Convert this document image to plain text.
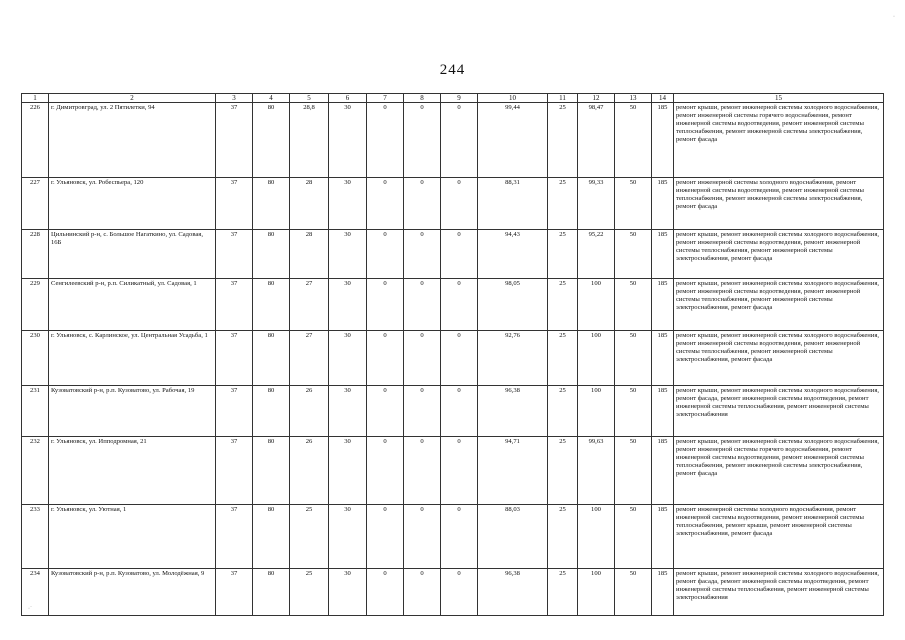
244
1	2	3	4	5	6	7	8	9	10	11	12	13	14	15
226	г. Димитровград, ул. 2 Пятилетки, 94	37	80	28,8	30	0	0	0	99,44	25	98,47	50	185	ремонт крыши, ремонт инженерной системы холодного водоснабжения, ремонт инженерной системы горячего водоснабжения, ремонт инженерной системы водоотведения, ремонт инженерной системы теплоснабжения, ремонт инженерной системы электроснабжения, ремонт фасада
227	г. Ульяновск, ул. Робеспьера, 120	37	80	28	30	0	0	0	88,31	25	99,33	50	185	ремонт инженерной системы холодного водоснабжения, ремонт инженерной системы водоотведения, ремонт инженерной системы теплоснабжения, ремонт инженерной системы электроснабжения, ремонт фасада
228	Цильнинский р-н, с. Большое Нагаткино, ул. Садовая, 16Б	37	80	28	30	0	0	0	94,43	25	95,22	50	185	ремонт крыши, ремонт инженерной системы холодного водоснабжения, ремонт инженерной системы водоотведения, ремонт инженерной системы теплоснабжения, ремонт инженерной системы электроснабжения, ремонт фасада
229	Сенгилеевский р-н, р.п. Силикатный, ул. Садовая, 1	37	80	27	30	0	0	0	98,05	25	100	50	185	ремонт крыши, ремонт инженерной системы холодного водоснабжения, ремонт инженерной системы водоотведения, ремонт инженерной системы теплоснабжения, ремонт инженерной системы электроснабжения, ремонт фасада
230	г. Ульяновск, с. Карлинское, ул. Центральная Усадьба, 1	37	80	27	30	0	0	0	92,76	25	100	50	185	ремонт крыши, ремонт инженерной системы холодного водоснабжения, ремонт инженерной системы водоотведения, ремонт инженерной системы теплоснабжения, ремонт инженерной системы электроснабжения, ремонт фасада
231	Кузоватовский р-н, р.п. Кузоватово, ул. Рабочая, 19	37	80	26	30	0	0	0	96,38	25	100	50	185	ремонт крыши, ремонт инженерной системы холодного водоснабжения, ремонт фасада, ремонт инженерной системы водоотведения, ремонт инженерной системы теплоснабжения, ремонт инженерной системы электроснабжения
232	г. Ульяновск, ул. Ипподромная, 21	37	80	26	30	0	0	0	94,71	25	99,63	50	185	ремонт крыши, ремонт инженерной системы холодного водоснабжения, ремонт инженерной системы горячего водоснабжения, ремонт инженерной системы водоотведения, ремонт инженерной системы теплоснабжения, ремонт инженерной системы электроснабжения, ремонт фасада
233	г. Ульяновск, ул. Уютная, 1	37	80	25	30	0	0	0	88,03	25	100	50	185	ремонт инженерной системы холодного водоснабжения, ремонт инженерной системы водоотведения, ремонт инженерной системы теплоснабжения, ремонт крыши, ремонт инженерной системы электроснабжения, ремонт фасада
234	Кузоватовский р-н, р.п. Кузоватово, ул. Молодёжная, 9	37	80	25	30	0	0	0	96,38	25	100	50	185	ремонт крыши, ремонт инженерной системы холодного водоснабжения, ремонт фасада, ремонт инженерной системы водоотведения, ремонт инженерной системы теплоснабжения, ремонт инженерной системы электроснабжения
·˙
·
